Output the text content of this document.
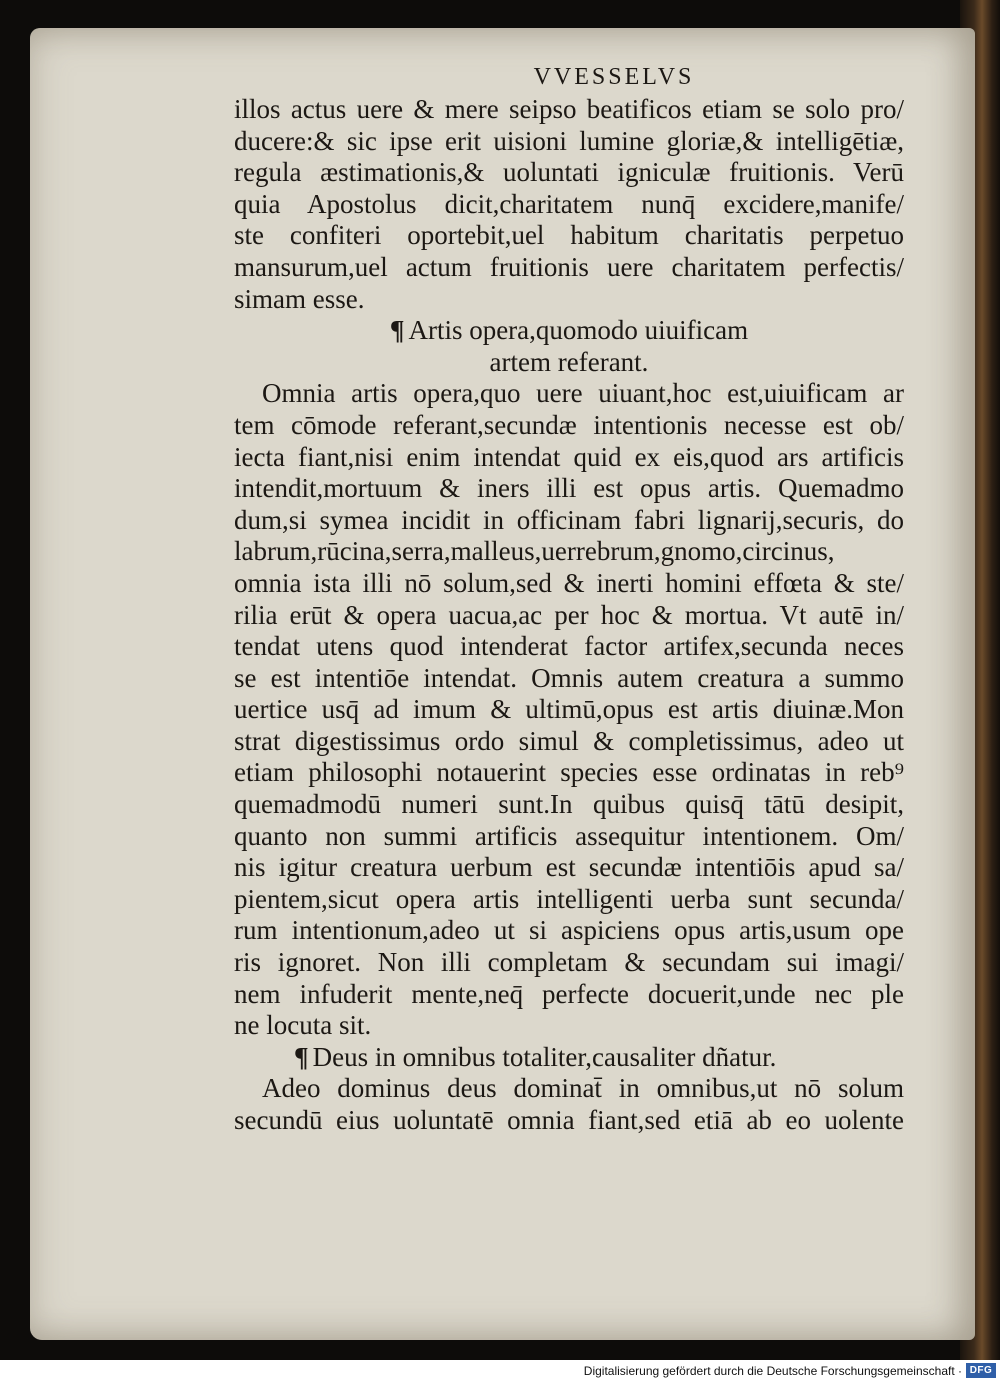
VVESSELVS
illos actus uere & mere seipso beatificos etiam se solo pro/
ducere:& sic ipse erit uisioni lumine gloriæ,& intelligētiæ,
regula æstimationis,& uoluntati igniculæ fruitionis. Verū
quia Apostolus dicit,charitatem nunq̄ excidere,manife/
ste confiteri oportebit,uel habitum charitatis perpetuo
mansurum,uel actum fruitionis uere charitatem perfectis/
simam esse.
¶ Artis opera,quomodo uiuificam
artem referant.
Omnia artis opera,quo uere uiuant,hoc est,uiuificam ar
tem cōmode referant,secundæ intentionis necesse est ob/
iecta fiant,nisi enim intendat quid ex eis,quod ars artificis
intendit,mortuum & iners illi est opus artis. Quemadmo
dum,si symea incidit in officinam fabri lignarij,securis, do
labrum,rūcina,serra,malleus,uerrebrum,gnomo,circinus,
omnia ista illi nō solum,sed & inerti homini effœta & ste/
rilia erūt & opera uacua,ac per hoc & mortua. Vt autē in/
tendat utens quod intenderat factor artifex,secunda neces
se est intentiōe intendat. Omnis autem creatura a summo
uertice usq̄ ad imum & ultimū,opus est artis diuinæ.Mon
strat digestissimus ordo simul & completissimus, adeo ut
etiam philosophi notauerint species esse ordinatas in reb⁹
quemadmodū numeri sunt.In quibus quisq̄ tātū desipit,
quanto non summi artificis assequitur intentionem. Om/
nis igitur creatura uerbum est secundæ intentiōis apud sa/
pientem,sicut opera artis intelligenti uerba sunt secunda/
rum intentionum,adeo ut si aspiciens opus artis,usum ope
ris ignoret. Non illi completam & secundam sui imagi/
nem infuderit mente,neq̄ perfecte docuerit,unde nec ple
ne locuta sit.
¶ Deus in omnibus totaliter,causaliter dñatur.
Adeo dominus deus dominat̄ in omnibus,ut nō solum
secundū eius uoluntatē omnia fiant,sed etiā ab eo uolente
Digitalisierung gefördert durch die Deutsche Forschungsgemeinschaft · DFG
